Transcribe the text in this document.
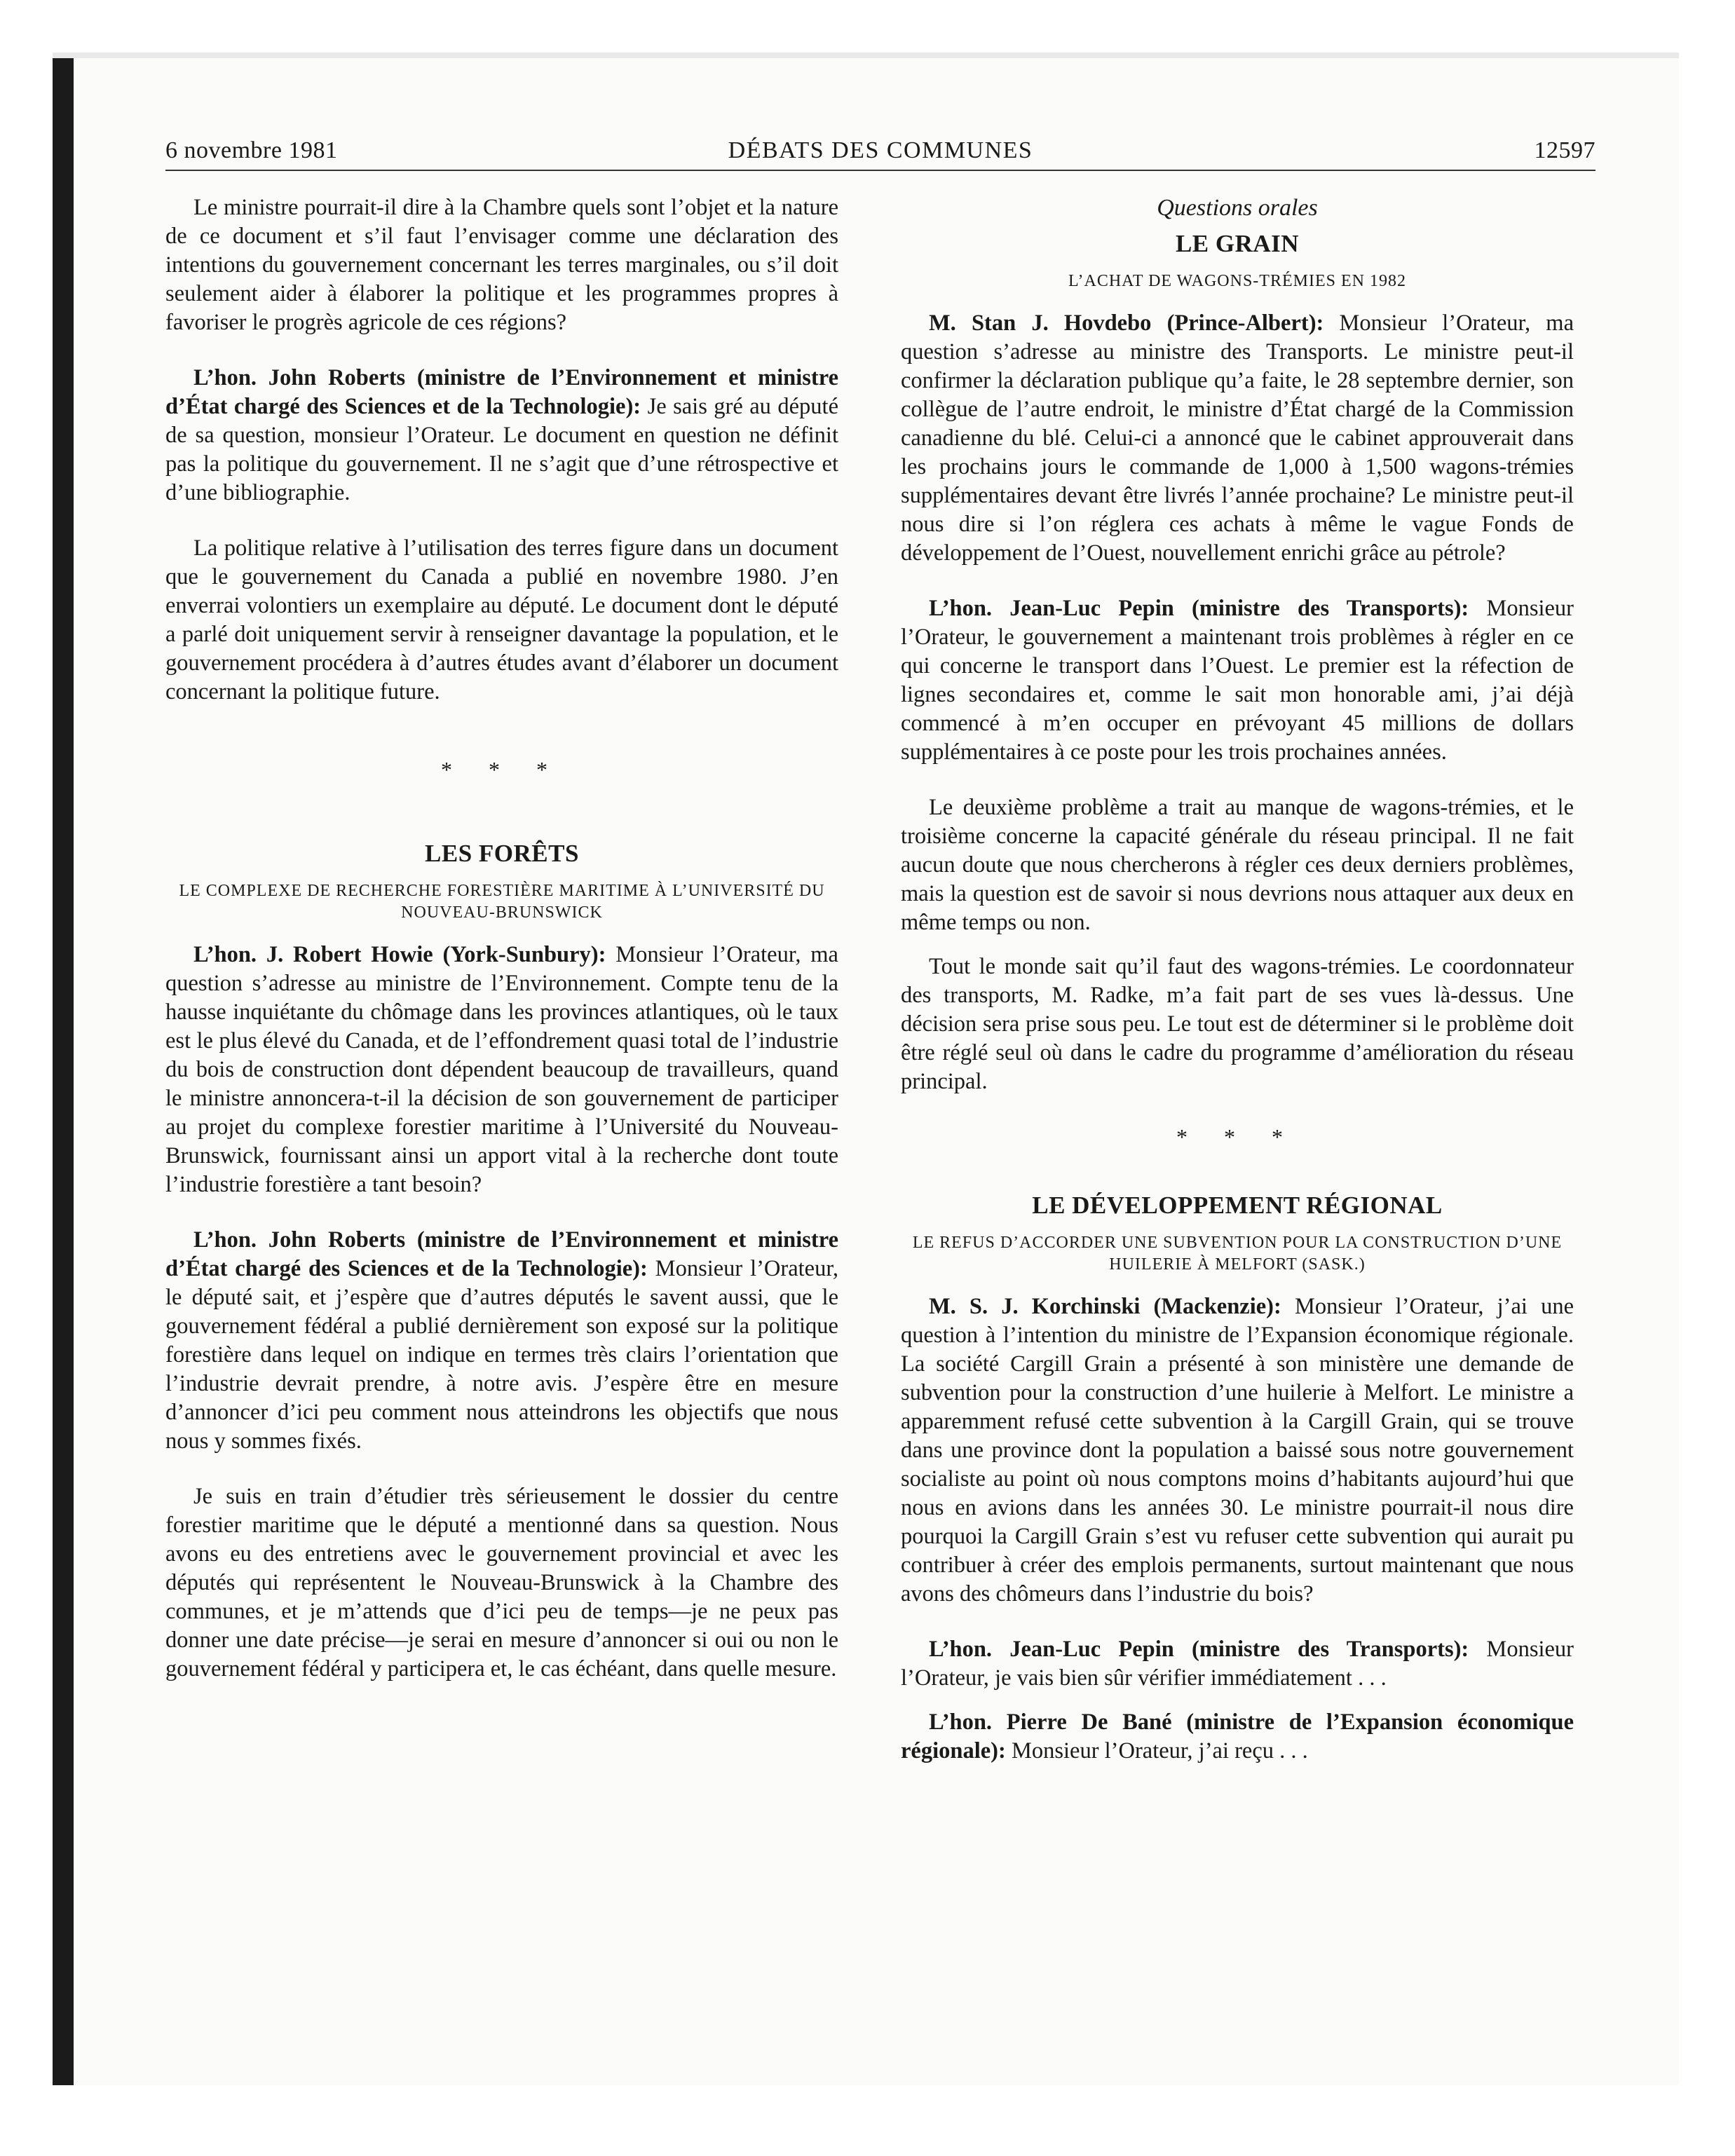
6 novembre 1981	DÉBATS DES COMMUNES	12597

Le ministre pourrait-il dire à la Chambre quels sont l’objet et la nature de ce document et s’il faut l’envisager comme une déclaration des intentions du gouvernement concernant les terres marginales, ou s’il doit seulement aider à élaborer la politique et les programmes propres à favoriser le progrès agricole de ces régions?

L’hon. John Roberts (ministre de l’Environnement et ministre d’État chargé des Sciences et de la Technologie): Je sais gré au député de sa question, monsieur l’Orateur. Le document en question ne définit pas la politique du gouvernement. Il ne s’agit que d’une rétrospective et d’une bibliographie.

La politique relative à l’utilisation des terres figure dans un document que le gouvernement du Canada a publié en novembre 1980. J’en enverrai volontiers un exemplaire au député. Le document dont le député a parlé doit uniquement servir à renseigner davantage la population, et le gouvernement procédera à d’autres études avant d’élaborer un document concernant la politique future.

* * *
LES FORÊTS
LE COMPLEXE DE RECHERCHE FORESTIÈRE MARITIME À L’UNIVERSITÉ DU NOUVEAU-BRUNSWICK

L’hon. J. Robert Howie (York-Sunbury): Monsieur l’Orateur, ma question s’adresse au ministre de l’Environnement. Compte tenu de la hausse inquiétante du chômage dans les provinces atlantiques, où le taux est le plus élevé du Canada, et de l’effondrement quasi total de l’industrie du bois de construction dont dépendent beaucoup de travailleurs, quand le ministre annoncera-t-il la décision de son gouvernement de participer au projet du complexe forestier maritime à l’Université du Nouveau-Brunswick, fournissant ainsi un apport vital à la recherche dont toute l’industrie forestière a tant besoin?

L’hon. John Roberts (ministre de l’Environnement et ministre d’État chargé des Sciences et de la Technologie): Monsieur l’Orateur, le député sait, et j’espère que d’autres députés le savent aussi, que le gouvernement fédéral a publié dernièrement son exposé sur la politique forestière dans lequel on indique en termes très clairs l’orientation que l’industrie devrait prendre, à notre avis. J’espère être en mesure d’annoncer d’ici peu comment nous atteindrons les objectifs que nous nous y sommes fixés.

Je suis en train d’étudier très sérieusement le dossier du centre forestier maritime que le député a mentionné dans sa question. Nous avons eu des entretiens avec le gouvernement provincial et avec les députés qui représentent le Nouveau-Brunswick à la Chambre des communes, et je m’attends que d’ici peu de temps—je ne peux pas donner une date précise—je serai en mesure d’annoncer si oui ou non le gouvernement fédéral y participera et, le cas échéant, dans quelle mesure.

Questions orales
LE GRAIN
L’ACHAT DE WAGONS-TRÉMIES EN 1982

M. Stan J. Hovdebo (Prince-Albert): Monsieur l’Orateur, ma question s’adresse au ministre des Transports. Le ministre peut-il confirmer la déclaration publique qu’a faite, le 28 septembre dernier, son collègue de l’autre endroit, le ministre d’État chargé de la Commission canadienne du blé. Celui-ci a annoncé que le cabinet approuverait dans les prochains jours le commande de 1,000 à 1,500 wagons-trémies supplémentaires devant être livrés l’année prochaine? Le ministre peut-il nous dire si l’on réglera ces achats à même le vague Fonds de développement de l’Ouest, nouvellement enrichi grâce au pétrole?

L’hon. Jean-Luc Pepin (ministre des Transports): Monsieur l’Orateur, le gouvernement a maintenant trois problèmes à régler en ce qui concerne le transport dans l’Ouest. Le premier est la réfection de lignes secondaires et, comme le sait mon honorable ami, j’ai déjà commencé à m’en occuper en prévoyant 45 millions de dollars supplémentaires à ce poste pour les trois prochaines années.

Le deuxième problème a trait au manque de wagons-trémies, et le troisième concerne la capacité générale du réseau principal. Il ne fait aucun doute que nous chercherons à régler ces deux derniers problèmes, mais la question est de savoir si nous devrions nous attaquer aux deux en même temps ou non.

Tout le monde sait qu’il faut des wagons-trémies. Le coordonnateur des transports, M. Radke, m’a fait part de ses vues là-dessus. Une décision sera prise sous peu. Le tout est de déterminer si le problème doit être réglé seul où dans le cadre du programme d’amélioration du réseau principal.

* * *
LE DÉVELOPPEMENT RÉGIONAL
LE REFUS D’ACCORDER UNE SUBVENTION POUR LA CONSTRUCTION D’UNE HUILERIE À MELFORT (SASK.)

M. S. J. Korchinski (Mackenzie): Monsieur l’Orateur, j’ai une question à l’intention du ministre de l’Expansion économique régionale. La société Cargill Grain a présenté à son ministère une demande de subvention pour la construction d’une huilerie à Melfort. Le ministre a apparemment refusé cette subvention à la Cargill Grain, qui se trouve dans une province dont la population a baissé sous notre gouvernement socialiste au point où nous comptons moins d’habitants aujourd’hui que nous en avions dans les années 30. Le ministre pourrait-il nous dire pourquoi la Cargill Grain s’est vu refuser cette subvention qui aurait pu contribuer à créer des emplois permanents, surtout maintenant que nous avons des chômeurs dans l’industrie du bois?

L’hon. Jean-Luc Pepin (ministre des Transports): Monsieur l’Orateur, je vais bien sûr vérifier immédiatement . . .

L’hon. Pierre De Bané (ministre de l’Expansion économique régionale): Monsieur l’Orateur, j’ai reçu . . .
